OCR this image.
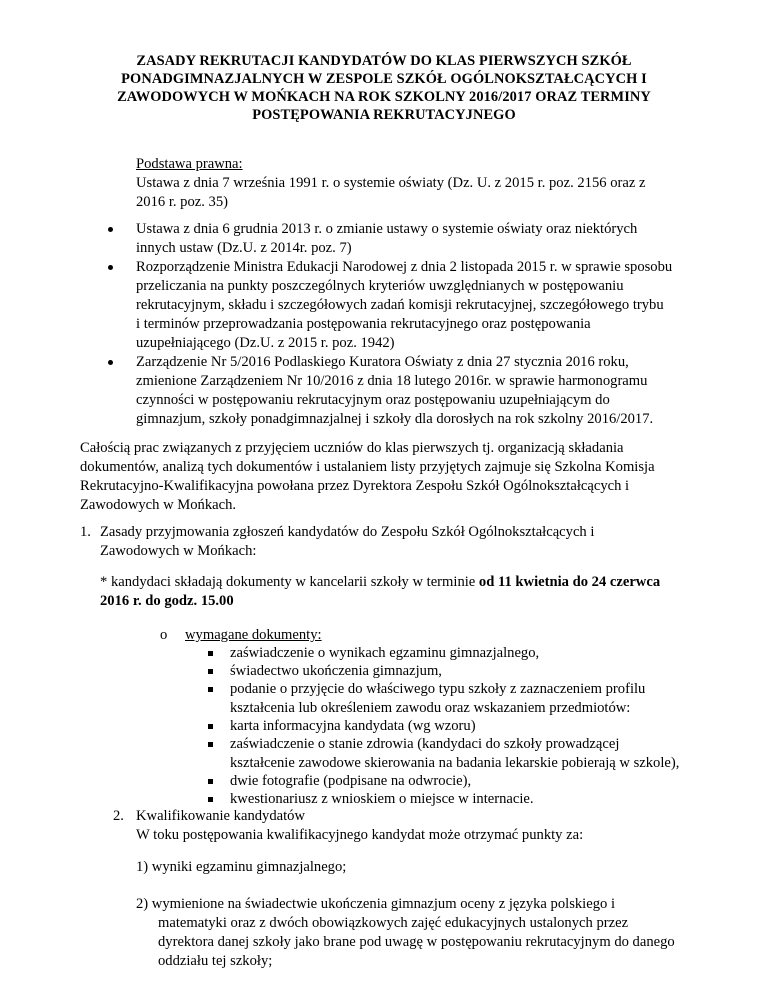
ZASADY REKRUTACJI KANDYDATÓW DO KLAS PIERWSZYCH SZKÓŁ
PONADGIMNAZJALNYCH W ZESPOLE SZKÓŁ OGÓLNOKSZTAŁCĄCYCH I
ZAWODOWYCH W MOŃKACH NA ROK SZKOLNY 2016/2017 ORAZ TERMINY
POSTĘPOWANIA REKRUTACYJNEGO
Podstawa prawna:
Ustawa z dnia 7 września 1991 r. o systemie oświaty (Dz. U. z 2015 r. poz. 2156 oraz z
2016 r. poz. 35)
Ustawa z dnia 6 grudnia 2013 r. o zmianie ustawy o systemie oświaty oraz niektórych
innych ustaw (Dz.U. z 2014r. poz. 7)
Rozporządzenie Ministra Edukacji Narodowej z dnia 2 listopada 2015 r. w sprawie sposobu
przeliczania na punkty poszczególnych kryteriów uwzględnianych w postępowaniu
rekrutacyjnym, składu i szczegółowych zadań komisji rekrutacyjnej, szczegółowego trybu
i terminów przeprowadzania postępowania rekrutacyjnego oraz postępowania
uzupełniającego (Dz.U. z 2015 r. poz. 1942)
Zarządzenie Nr 5/2016 Podlaskiego Kuratora Oświaty z dnia 27 stycznia 2016 roku,
zmienione Zarządzeniem Nr 10/2016 z dnia 18 lutego 2016r. w sprawie harmonogramu
czynności w postępowaniu rekrutacyjnym oraz postępowaniu uzupełniającym do
gimnazjum, szkoły ponadgimnazjalnej i szkoły dla dorosłych na rok szkolny 2016/2017.
Całością prac związanych z przyjęciem uczniów do klas pierwszych tj. organizacją składania
dokumentów, analizą tych dokumentów i ustalaniem listy przyjętych zajmuje się Szkolna Komisja
Rekrutacyjno-Kwalifikacyjna powołana przez Dyrektora Zespołu Szkół Ogólnokształcących i
Zawodowych w Mońkach.
1. Zasady przyjmowania zgłoszeń kandydatów do Zespołu Szkół Ogólnokształcących i
Zawodowych w Mońkach:
* kandydaci składają dokumenty w kancelarii szkoły w terminie od 11 kwietnia do 24 czerwca
2016 r. do godz. 15.00
o wymagane dokumenty:
zaświadczenie o wynikach egzaminu gimnazjalnego,
świadectwo ukończenia gimnazjum,
podanie o przyjęcie do właściwego typu szkoły z zaznaczeniem profilu
kształcenia lub określeniem zawodu oraz wskazaniem przedmiotów:
karta informacyjna kandydata (wg wzoru)
zaświadczenie o stanie zdrowia (kandydaci do szkoły prowadzącej
kształcenie zawodowe skierowania na badania lekarskie pobierają w szkole),
dwie fotografie (podpisane na odwrocie),
kwestionariusz z wnioskiem o miejsce w internacie.
2. Kwalifikowanie kandydatów
W toku postępowania kwalifikacyjnego kandydat może otrzymać punkty za:
1) wyniki egzaminu gimnazjalnego;
2) wymienione na świadectwie ukończenia gimnazjum oceny z języka polskiego i
matematyki oraz z dwóch obowiązkowych zajęć edukacyjnych ustalonych przez
dyrektora danej szkoły jako brane pod uwagę w postępowaniu rekrutacyjnym do danego
oddziału tej szkoły;
